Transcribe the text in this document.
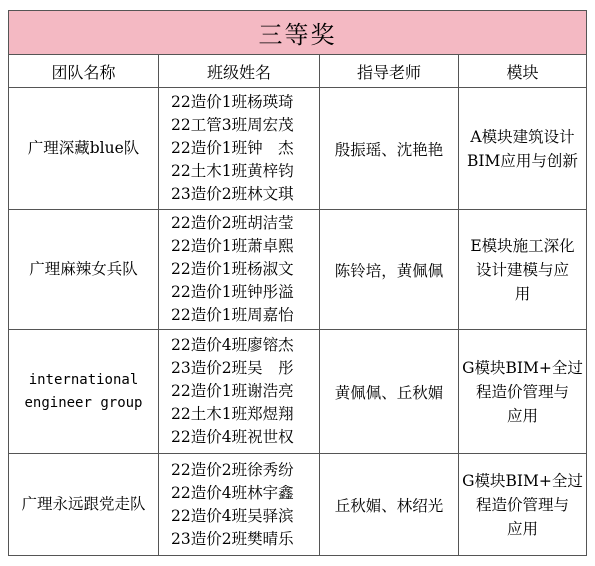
三等奖			
团队名称	班级姓名	指导老师	模块

广理深藏blue队	22造价1班杨瑛琦
22工管3班周宏茂
22造价1班钟　杰
22土木1班黄梓钧
23造价2班林文琪	殷振瑶、沈艳艳	A模块建筑设计
BIM应用与创新

广理麻辣女兵队	22造价2班胡洁莹
22造价1班萧卓熙
22造价1班杨淑文
22造价1班钟彤溢
22造价1班周嘉怡	陈铃培，黄佩佩	E模块施工深化
设计建模与应
用

international
engineer group	22造价4班廖镕杰
23造价2班吴　彤
22造价1班谢浩亮
22土木1班郑煜翔
22造价4班祝世权	黄佩佩、丘秋媚	G模块BIM+全过
程造价管理与
应用

广理永远跟党走队	22造价2班徐秀纷
22造价4班林宇鑫
22造价4班吴驿滨
23造价2班樊晴乐	丘秋媚、林绍光	G模块BIM+全过
程造价管理与
应用
